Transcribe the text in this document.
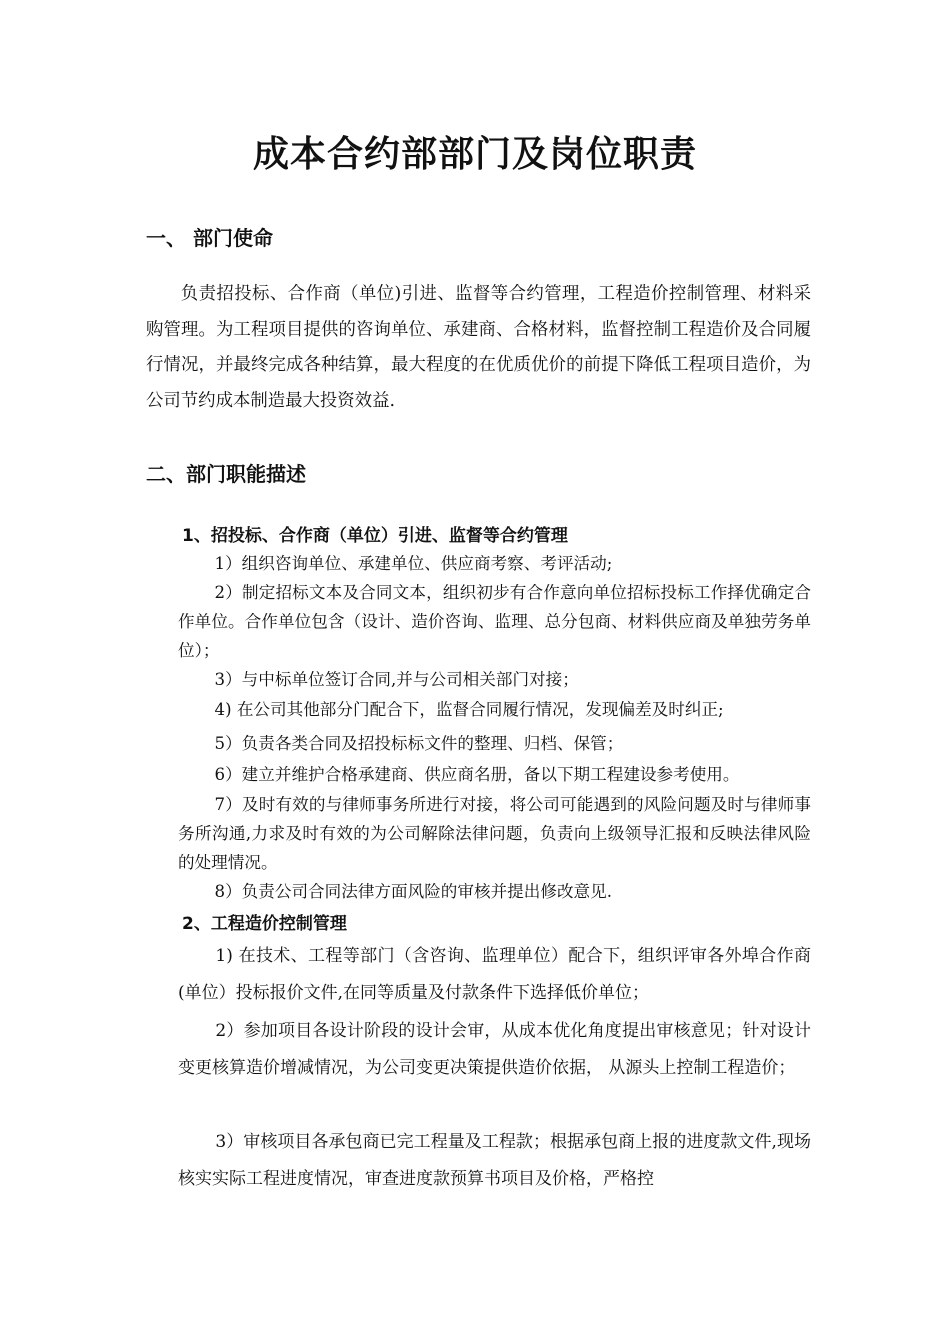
成本合约部部门及岗位职责
一、 部门使命

负责招投标、合作商（单位)引进、监督等合约管理，工程造价控制管理、材料采购管理。为工程项目提供的咨询单位、承建商、合格材料，监督控制工程造价及合同履行情况，并最终完成各种结算，最大程度的在优质优价的前提下降低工程项目造价，为公司节约成本制造最大投资效益.

二、部门职能描述
1、招投标、合作商（单位）引进、监督等合约管理

1）组织咨询单位、承建单位、供应商考察、考评活动;

2）制定招标文本及合同文本，组织初步有合作意向单位招标投标工作择优确定合作单位。合作单位包含（设计、造价咨询、监理、总分包商、材料供应商及单独劳务单位）；

3）与中标单位签订合同,并与公司相关部门对接；

4) 在公司其他部分门配合下，监督合同履行情况，发现偏差及时纠正;

5）负责各类合同及招投标标文件的整理、归档、保管；

6）建立并维护合格承建商、供应商名册，备以下期工程建设参考使用。

7）及时有效的与律师事务所进行对接，将公司可能遇到的风险问题及时与律师事务所沟通,力求及时有效的为公司解除法律问题，负责向上级领导汇报和反映法律风险的处理情况。

8）负责公司合同法律方面风险的审核并提出修改意见.

2、工程造价控制管理

1) 在技术、工程等部门（含咨询、监理单位）配合下，组织评审各外埠合作商(单位）投标报价文件,在同等质量及付款条件下选择低价单位；

2）参加项目各设计阶段的设计会审，从成本优化角度提出审核意见；针对设计变更核算造价增减情况，为公司变更决策提供造价依据， 从源头上控制工程造价；

3）审核项目各承包商已完工程量及工程款；根据承包商上报的进度款文件,现场核实实际工程进度情况，审查进度款预算书项目及价格，严格控
